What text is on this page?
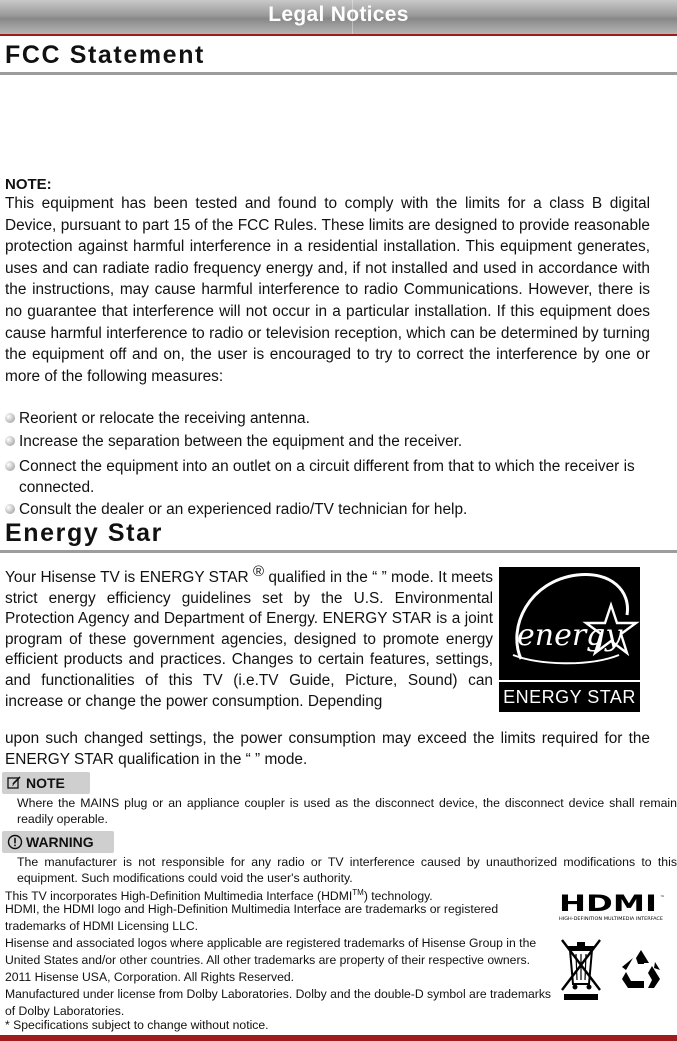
Legal Notices
FCC Statement

NOTE:

This equipment has been tested and found to comply with the limits for a class B digital Device, pursuant to part 15 of the FCC Rules. These limits are designed to provide reasonable protection against harmful interference in a residential installation. This equipment generates, uses and can radiate radio frequency energy and, if not installed and used in accordance with the instructions, may cause harmful interference to radio Communications. However, there is no guarantee that interference will not occur in a particular installation. If this equipment does cause harmful interference to radio or television reception, which can be determined by turning the equipment off and on, the user is encouraged to try to correct the interference by one or more of the following measures:

Reorient or relocate the receiving antenna.
Increase the separation between the equipment and the receiver.
Connect the equipment into an outlet on a circuit different from that to which the receiver is connected.
Consult the dealer or an experienced radio/TV technician for help.
Energy Star

Your Hisense TV is ENERGY STAR ® qualified in the “ ” mode. It meets strict energy efficiency guidelines set by the U.S. Environmental Protection Agency and Department of Energy. ENERGY STAR is a joint program of these government agencies, designed to promote energy efficient products and practices. Changes to certain features, settings, and functionalities of this TV (i.e.TV Guide, Picture, Sound) can increase or change the power consumption. Depending

energy
ENERGY STAR

upon such changed settings, the power consumption may exceed the limits required for the ENERGY STAR qualification in the “ ” mode.

NOTE

Where the MAINS plug or an appliance coupler is used as the disconnect device, the disconnect device shall remain readily operable.

WARNING

The manufacturer is not responsible for any radio or TV interference caused by unauthorized modifications to this equipment. Such modifications could void the user's authority.

This TV incorporates High-Definition Multimedia Interface (HDMI™) technology.

HDMI, the HDMI logo and High-Definition Multimedia Interface are trademarks or registered trademarks of HDMI Licensing LLC.

Hisense and associated logos where applicable are registered trademarks of Hisense Group in the United States and/or other countries. All other trademarks are property of their respective owners. 2011 Hisense USA, Corporation. All Rights Reserved.

Manufactured under license from Dolby Laboratories. Dolby and the double-D symbol are trademarks of Dolby Laboratories.

* Specifications subject to change without notice.

HDMI ™
HIGH-DEFINITION MULTIMEDIA INTERFACE
